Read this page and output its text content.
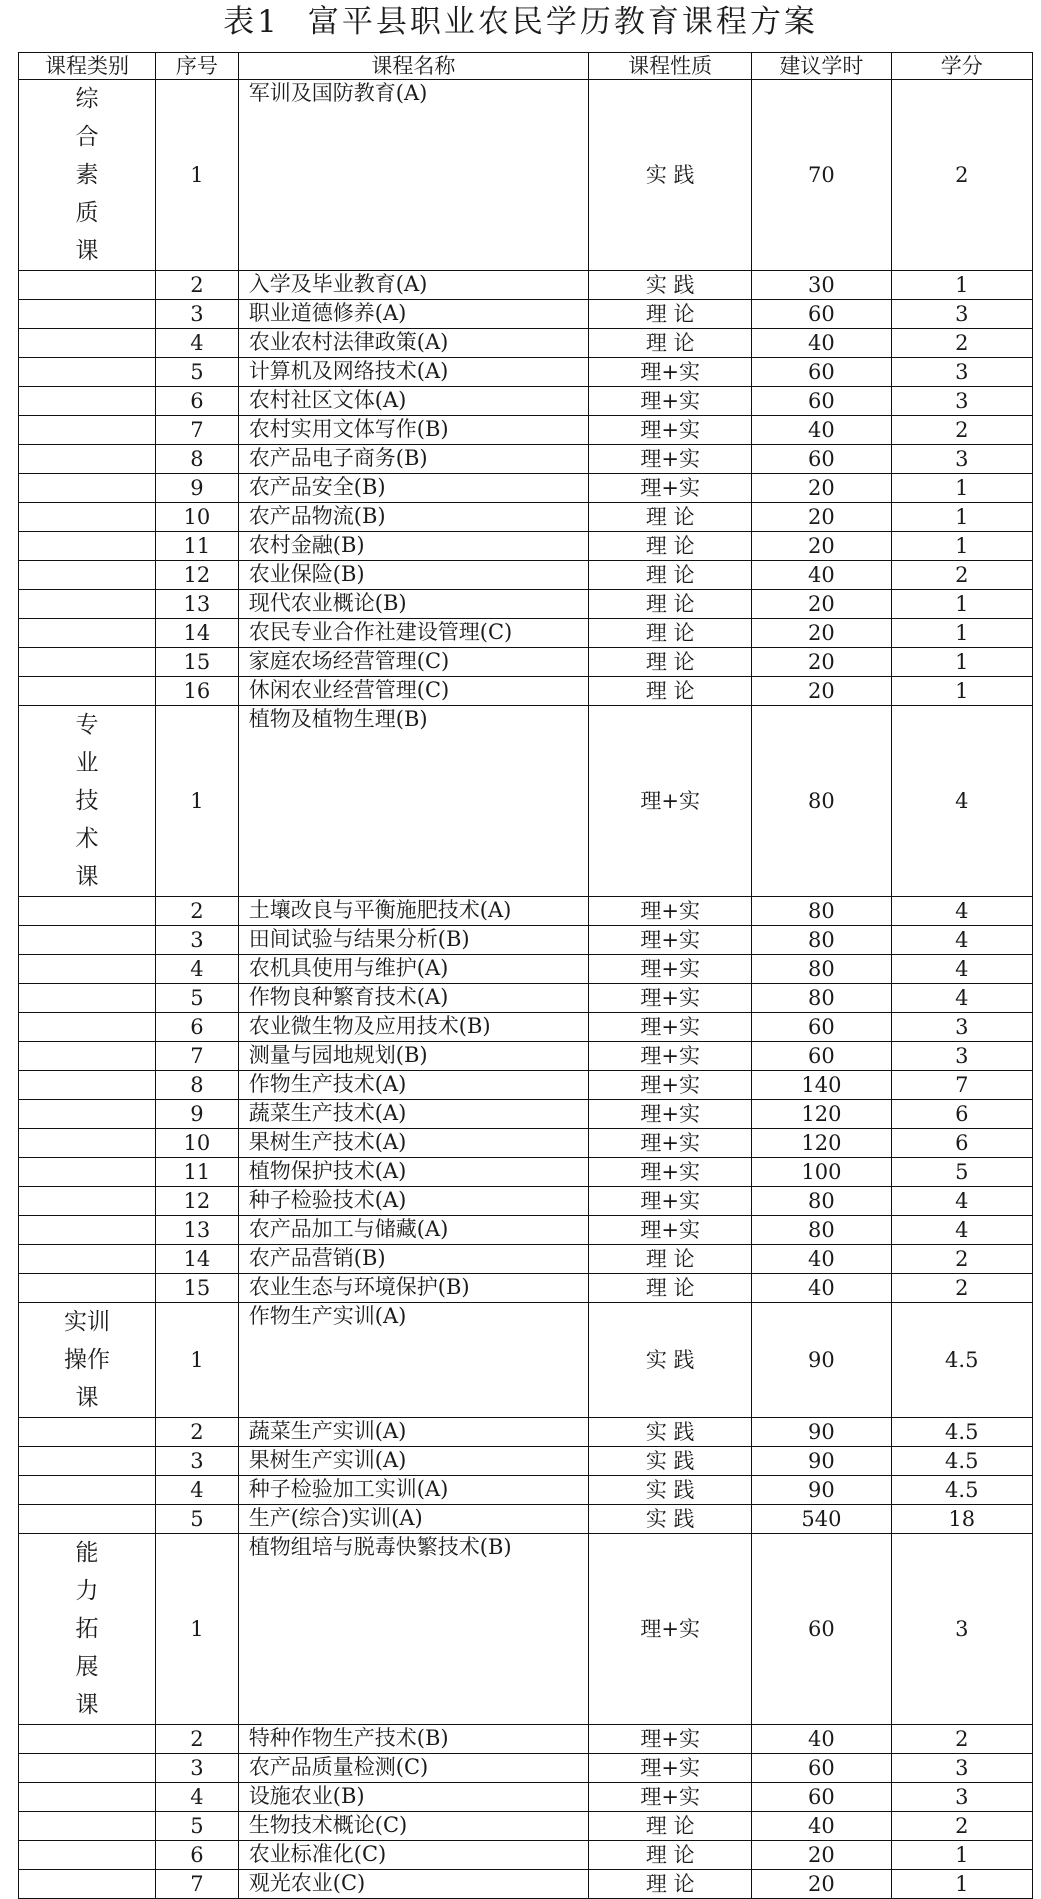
表1 富平县职业农民学历教育课程方案
课程类别	序号	课程名称	课程性质	建议学时	学分

综
合
素
质
课	1	军训及国防教育(A)	实 践	70	2
	2	入学及毕业教育(A)	实 践	30	1
	3	职业道德修养(A)	理 论	60	3
	4	农业农村法律政策(A)	理 论	40	2
	5	计算机及网络技术(A)	理+实	60	3
	6	农村社区文体(A)	理+实	60	3
	7	农村实用文体写作(B)	理+实	40	2
	8	农产品电子商务(B)	理+实	60	3
	9	农产品安全(B)	理+实	20	1
	10	农产品物流(B)	理 论	20	1
	11	农村金融(B)	理 论	20	1
	12	农业保险(B)	理 论	40	2
	13	现代农业概论(B)	理 论	20	1
	14	农民专业合作社建设管理(C)	理 论	20	1
	15	家庭农场经营管理(C)	理 论	20	1
	16	休闲农业经营管理(C)	理 论	20	1

专
业
技
术
课	1	植物及植物生理(B)	理+实	80	4
	2	土壤改良与平衡施肥技术(A)	理+实	80	4
	3	田间试验与结果分析(B)	理+实	80	4
	4	农机具使用与维护(A)	理+实	80	4
	5	作物良种繁育技术(A)	理+实	80	4
	6	农业微生物及应用技术(B)	理+实	60	3
	7	测量与园地规划(B)	理+实	60	3
	8	作物生产技术(A)	理+实	140	7
	9	蔬菜生产技术(A)	理+实	120	6
	10	果树生产技术(A)	理+实	120	6
	11	植物保护技术(A)	理+实	100	5
	12	种子检验技术(A)	理+实	80	4
	13	农产品加工与储藏(A)	理+实	80	4
	14	农产品营销(B)	理 论	40	2
	15	农业生态与环境保护(B)	理 论	40	2

实训
操作
课	1	作物生产实训(A)	实 践	90	4.5
	2	蔬菜生产实训(A)	实 践	90	4.5
	3	果树生产实训(A)	实 践	90	4.5
	4	种子检验加工实训(A)	实 践	90	4.5
	5	生产(综合)实训(A)	实 践	540	18

能
力
拓
展
课	1	植物组培与脱毒快繁技术(B)	理+实	60	3
	2	特种作物生产技术(B)	理+实	40	2
	3	农产品质量检测(C)	理+实	60	3
	4	设施农业(B)	理+实	60	3
	5	生物技术概论(C)	理 论	40	2
	6	农业标准化(C)	理 论	20	1
	7	观光农业(C)	理 论	20	1
